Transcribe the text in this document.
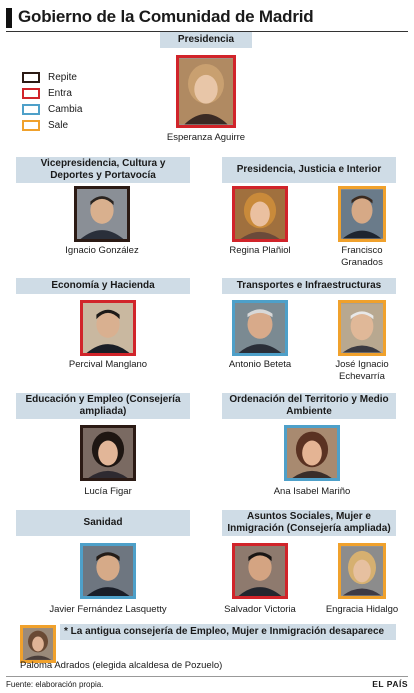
Gobierno de la Comunidad de Madrid
Repite
Entra
Cambia
Sale
Presidencia
Esperanza Aguirre
Vicepresidencia, Cultura y Deportes y Portavocía
Presidencia, Justicia e Interior
Ignacio González	Regina Plañiol	Francisco Granados
Economía y Hacienda	Transportes e Infraestructuras
Percival Manglano	Antonio Beteta	José Ignacio Echevarría
Educación y Empleo (Consejería ampliada)
Ordenación del Territorio y Medio Ambiente
Lucía Figar	Ana Isabel Mariño
Sanidad
Asuntos Sociales, Mujer e Inmigración (Consejería ampliada)
Javier Fernández Lasquetty	Salvador Victoria	Engracia Hidalgo
* La antigua consejería de Empleo, Mujer e Inmigración desaparece
Paloma Adrados (elegida alcaldesa de Pozuelo)
Fuente: elaboración propia.	EL PAÍS
